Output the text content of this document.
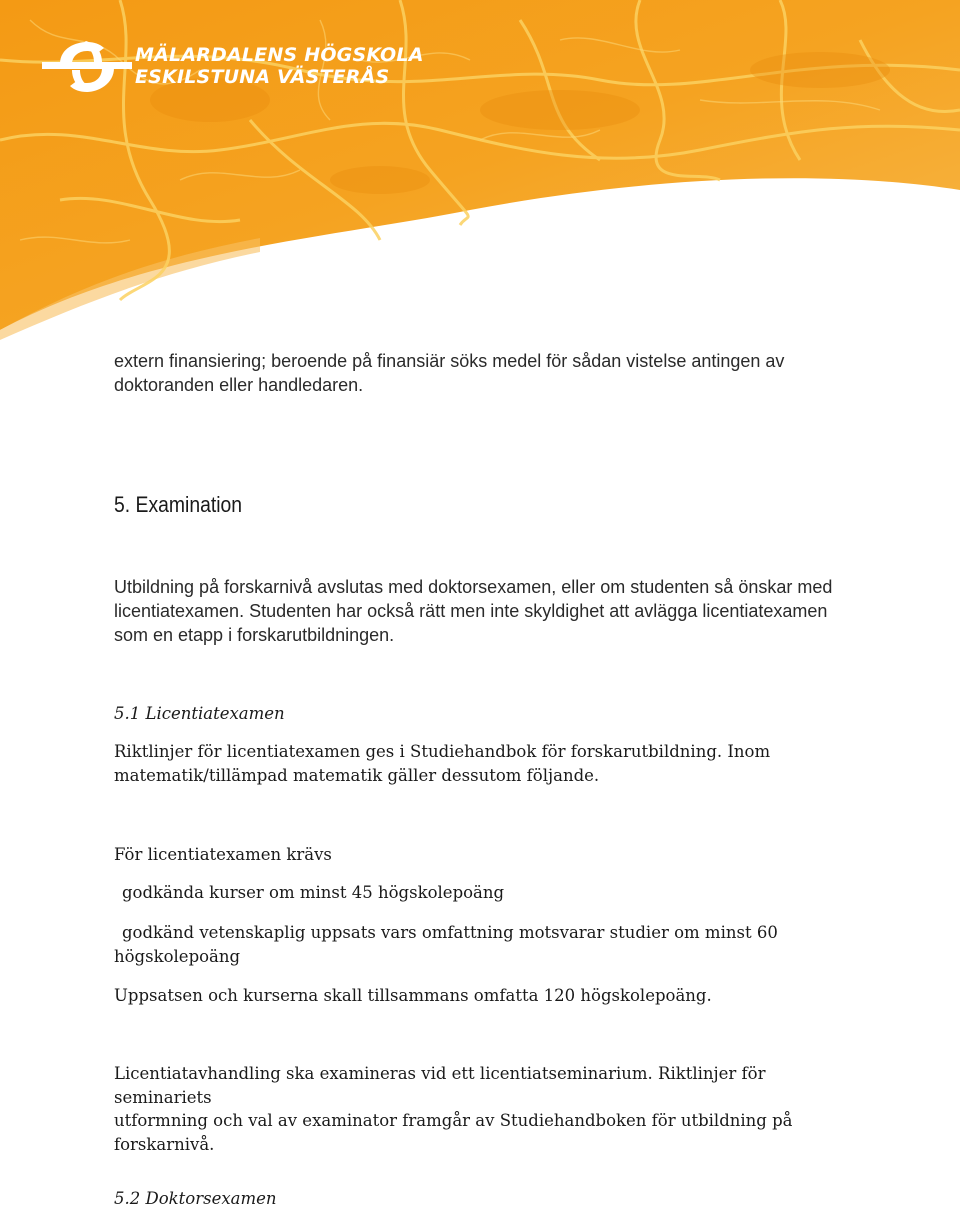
MÄLARDALENS HÖGSKOLA
ESKILSTUNA VÄSTERÅS
extern finansiering; beroende på finansiär söks medel för sådan vistelse antingen av
doktoranden eller handledaren.
5. Examination
Utbildning på forskarnivå avslutas med doktorsexamen, eller om studenten så önskar med
licentiatexamen. Studenten har också rätt men inte skyldighet att avlägga licentiatexamen
som en etapp i forskarutbildningen.
5.1 Licentiatexamen
Riktlinjer för licentiatexamen ges i Studiehandbok för forskarutbildning. Inom
matematik/tillämpad matematik gäller dessutom följande.
För licentiatexamen krävs
godkända kurser om minst 45 högskolepoäng
godkänd vetenskaplig uppsats vars omfattning motsvarar studier om minst 60
högskolepoäng
Uppsatsen och kurserna skall tillsammans omfatta 120 högskolepoäng.
Licentiatavhandling ska examineras vid ett licentiatseminarium. Riktlinjer för seminariets
utformning och val av examinator framgår av Studiehandboken för utbildning på
forskarnivå.
5.2 Doktorsexamen
